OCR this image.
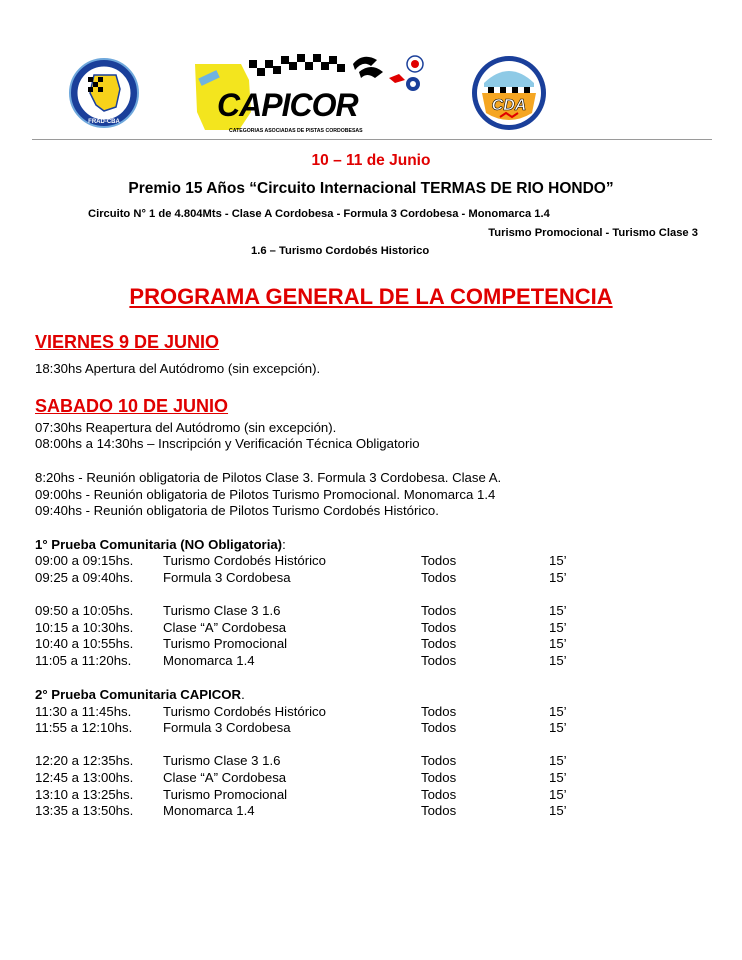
FRAD-CBA	CAPICOR
CATEGORIAS ASOCIADAS DE PISTAS CORDOBESAS
CDA
10 – 11 de Junio
Premio 15 Años “Circuito Internacional TERMAS DE RIO HONDO”
Circuito N° 1 de 4.804Mts - Clase A Cordobesa - Formula 3 Cordobesa - Monomarca 1.4
Turismo Promocional - Turismo Clase 3
1.6 – Turismo Cordobés Historico
PROGRAMA GENERAL DE LA COMPETENCIA
VIERNES 9 DE JUNIO
18:30hs Apertura del Autódromo (sin excepción).
SABADO 10 DE JUNIO
07:30hs Reapertura del Autódromo (sin excepción).
08:00hs a 14:30hs – Inscripción y Verificación Técnica Obligatorio
8:20hs - Reunión obligatoria de Pilotos Clase 3. Formula 3 Cordobesa. Clase A.
09:00hs - Reunión obligatoria de Pilotos Turismo Promocional. Monomarca 1.4
09:40hs - Reunión obligatoria de Pilotos Turismo Cordobés Histórico.
1° Prueba Comunitaria (NO Obligatoria):
09:00 a 09:15hs. Turismo Cordobés Histórico	Todos	15’
09:25 a 09:40hs. Formula 3 Cordobesa	Todos	15’
09:50 a 10:05hs. Turismo Clase 3 1.6	Todos	15’
10:15 a 10:30hs. Clase “A” Cordobesa	Todos	15’
10:40 a 10:55hs. Turismo Promocional	Todos	15’
11:05 a 11:20hs. Monomarca 1.4	Todos	15’
2° Prueba Comunitaria CAPICOR.
11:30 a 11:45hs. Turismo Cordobés Histórico	Todos	15’
11:55 a 12:10hs. Formula 3 Cordobesa	Todos	15’
12:20 a 12:35hs. Turismo Clase 3 1.6	Todos	15’
12:45 a 13:00hs. Clase “A” Cordobesa	Todos	15’
13:10 a 13:25hs. Turismo Promocional	Todos	15’
13:35 a 13:50hs. Monomarca 1.4	Todos	15’
